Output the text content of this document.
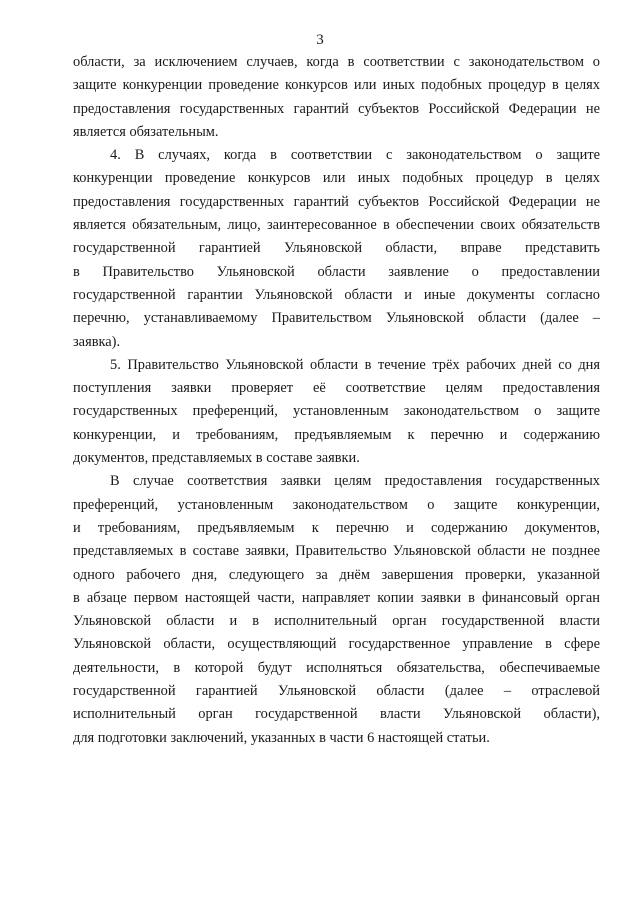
3
области, за исключением случаев, когда в соответствии с законодательством о
защите конкуренции проведение конкурсов или иных подобных процедур в целях
предоставления государственных гарантий субъектов Российской Федерации не
является обязательным.
4. В случаях, когда в соответствии с законодательством о защите
конкуренции проведение конкурсов или иных подобных процедур в целях
предоставления государственных гарантий субъектов Российской Федерации не
является обязательным, лицо, заинтересованное в обеспечении своих обязательств
государственной гарантией Ульяновской области, вправе представить
в Правительство Ульяновской области заявление о предоставлении
государственной гарантии Ульяновской области и иные документы согласно
перечню, устанавливаемому Правительством Ульяновской области (далее –
заявка).
5. Правительство Ульяновской области в течение трёх рабочих дней со дня
поступления заявки проверяет её соответствие целям предоставления
государственных преференций, установленным законодательством о защите
конкуренции, и требованиям, предъявляемым к перечню и содержанию
документов, представляемых в составе заявки.
В случае соответствия заявки целям предоставления государственных
преференций, установленным законодательством о защите конкуренции,
и требованиям, предъявляемым к перечню и содержанию документов,
представляемых в составе заявки, Правительство Ульяновской области не позднее
одного рабочего дня, следующего за днём завершения проверки, указанной
в абзаце первом настоящей части, направляет копии заявки в финансовый орган
Ульяновской области и в исполнительный орган государственной власти
Ульяновской области, осуществляющий государственное управление в сфере
деятельности, в которой будут исполняться обязательства, обеспечиваемые
государственной гарантией Ульяновской области (далее – отраслевой
исполнительный орган государственной власти Ульяновской области),
для подготовки заключений, указанных в части 6 настоящей статьи.
